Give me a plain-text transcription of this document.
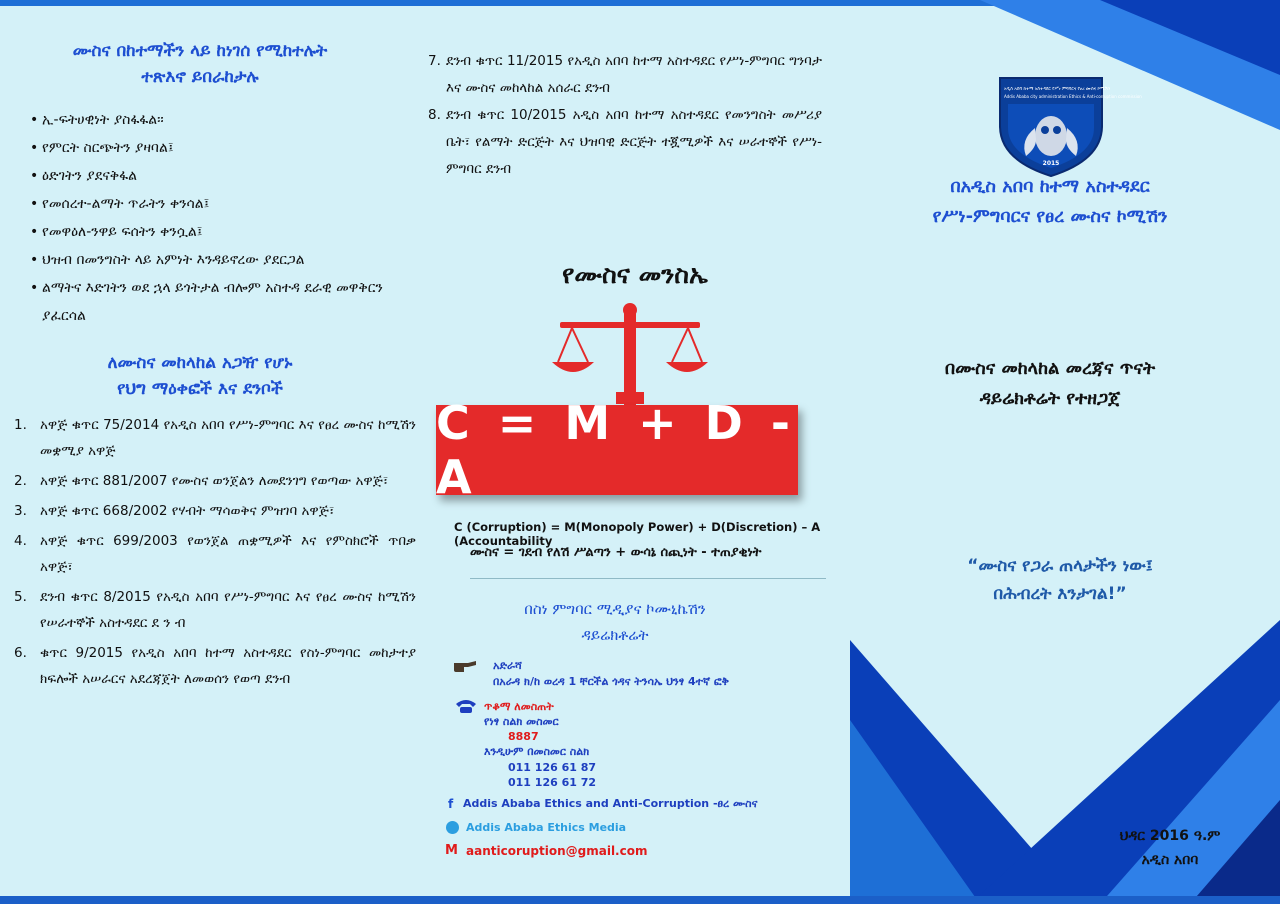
ሙስና በከተማችን ላይ ከነገሰ የሚከተሉት
ተጽእኖ ይበራከታሉ
• ኢ-ፍትሀዊነት ያስፋፋል፡፡
• የምርት ስርጭትን ያዛባል፤
• ዕድገትን ያደናቅፋል
• የመሰረተ-ልማት ጥራትን ቀንሳል፤
• የመዋዕለ-ንዋይ ፍሰትን ቀንሷል፤
• ህዝብ በመንግስት ላይ አምነት እንዳይኖረው ያደርጋል
• ልማትና እድገትን ወደ ኋላ ይጎትታል ብሎም አስተዳ ደራዊ መዋቅርን ያፈርሳል
ለሙስና መከላከል አጋዥ የሆኑ
የህግ ማዕቀፎች እና ደንቦች
1. አዋጅ ቁጥር 75/2014 የአዲስ አበባ የሥነ-ምግባር እና የፀረ ሙስና ከሚሽን መቋሚያ አዋጅ
2. አዋጅ ቁጥር 881/2007 የሙስና ወንጀልን ለመደንገግ የወጣው አዋጅ፣
3. አዋጅ ቁጥር 668/2002 የሃብት ማሳወቅና ምዝገባ አዋጅ፣
4. አዋጅ ቁጥር 699/2003 የወንጀል ጠቋሚዎች እና የምስክሮች ጥበቃ አዋጅ፣
5. ደንብ ቁጥር 8/2015 የአዲስ አበባ የሥነ-ምግባር እና የፀረ ሙስና ከሚሽን የሠራተኞች አስተዳደር ደ ን ብ
6. ቁጥር 9/2015 የአዲስ አበባ ከተማ አስተዳደር የስነ-ምግባር መከታተያ ክፍሎች አሠራርና አደረጃጀት ለመወሰን የወጣ ደንብ
7. ደንብ ቁጥር 11/2015 የአዲስ አበባ ከተማ አስተዳደር የሥነ-ምግባር ግንባታ እና ሙስና መከላከል አሰራር ደንብ
8. ደንብ ቁጥር 10/2015 አዲስ አበባ ከተማ አስተዳደር የመንግስት መሥሪያ ቤት፣ የልማት ድርጅት እና ህዝባዊ ድርጅት ተጇሚዎች እና ሠራተኞች የሥነ- ምግባር ደንብ
የሙስና መንስኤ
C = M + D - A
C (Corruption) = M(Monopoly Power) + D(Discretion) – A (Accountability
ሙስና = ገደብ የለሽ ሥልጣን + ውሳኔ ሰጪነት - ተጠያቂነት
በስነ ምግባር ሚዲያና ኮሙኒኬሽን
ዳይሬክቶሬት
አድራሻ
በአራዳ ክ/ከ ወረዳ 1 ቸርችል ጎዳና ትንሳኤ ህንፃ 4ተኛ ፎቅ
ጥቆማ ለመስጠት
የነፃ ስልክ መስመር
8887
እንዲሁም በመስመር ስልክ
011 126 61 87
011 126 61 72
f Addis Ababa Ethics and Anti-Corruption -ፀረ ሙስና
Addis Ababa Ethics Media
M aanticoruption@gmail.com
አዲስ አበባ ከተማ አስተዳደር የሥነ ምግባርና የፀረ ሙስና ኮሚሽን
Addis Ababa city administration Ethics & Anti-corruption commission
2015
በአዲስ አበባ ከተማ አስተዳደር
የሥነ-ምግባርና የፀረ ሙስና ኮሚሽን
በሙስና መከላከል መረጃና ጥናት
ዳይሬክቶሬት የተዘጋጀ
“ሙስና የጋራ ጠላታችን ነው፤
በሕብረት እንታገል!”
ህዳር 2016 ዓ.ም
አዲስ አበባ
